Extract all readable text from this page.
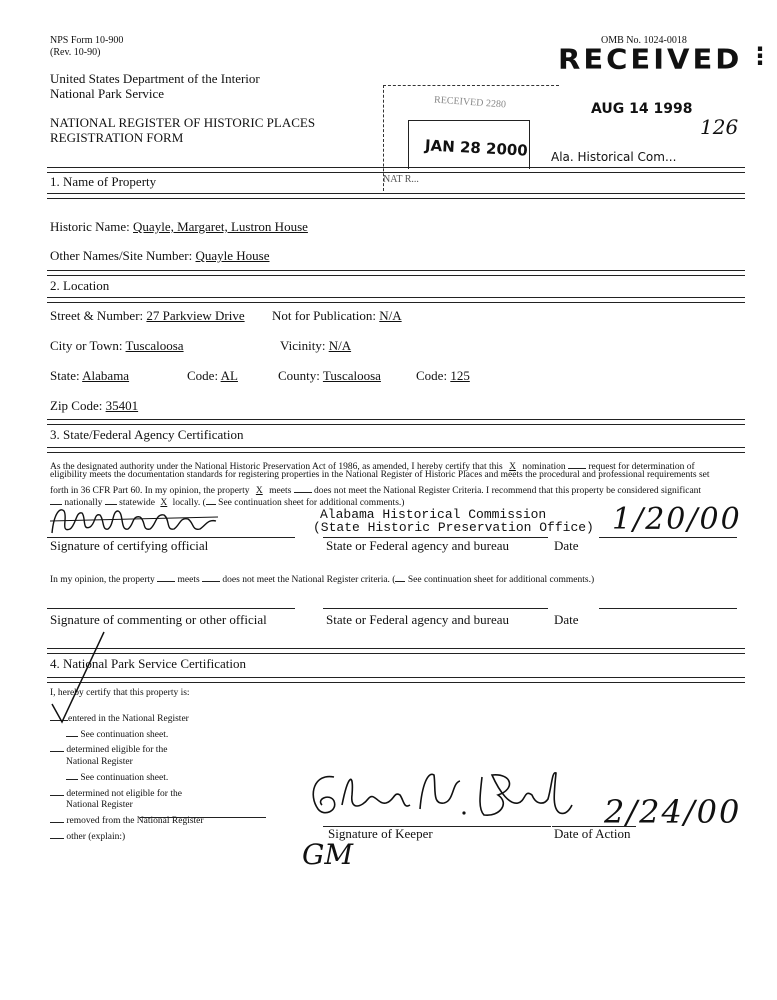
NPS Form 10-900
(Rev. 10-90)
OMB No. 1024-0018
United States Department of the Interior
National Park Service
NATIONAL REGISTER OF HISTORIC PLACES
REGISTRATION FORM
RECEIVED ⋮
AUG 14 1998
126
RECEIVED 2280
JAN 28 2000
NAT R...
Ala. Historical Com...
1. Name of Property
Historic Name: Quayle, Margaret, Lustron House
Other Names/Site Number: Quayle House
2. Location
Street & Number: 27 Parkview Drive Not for Publication: N/A
City or Town: Tuscaloosa	Vicinity: N/A
State: Alabama	Code: AL	County: Tuscaloosa	Code: 125
Zip Code: 35401
3. State/Federal Agency Certification
As the designated authority under the National Historic Preservation Act of 1986, as amended, I hereby certify that this X nomination request for determination of
eligibility meets the documentation standards for registering properties in the National Register of Historic Places and meets the procedural and professional requirements set
forth in 36 CFR Part 60. In my opinion, the property X meets does not meet the National Register Criteria. I recommend that this property be considered significant
nationally statewide X locally. ( See continuation sheet for additional comments.)
Alabama Historical Commission
(State Historic Preservation Office) 1/20/00
Signature of certifying official	State or Federal agency and bureau	Date
In my opinion, the property meets does not meet the National Register criteria. ( See continuation sheet for additional comments.)
Signature of commenting or other official	State or Federal agency and bureau	Date
4. National Park Service Certification
I, hereby certify that this property is:
entered in the National Register
See continuation sheet.
determined eligible for the
National Register
See continuation sheet.
determined not eligible for the
National Register
removed from the National Register
other (explain:)
2/24/00
Signature of Keeper	Date of Action
GM
